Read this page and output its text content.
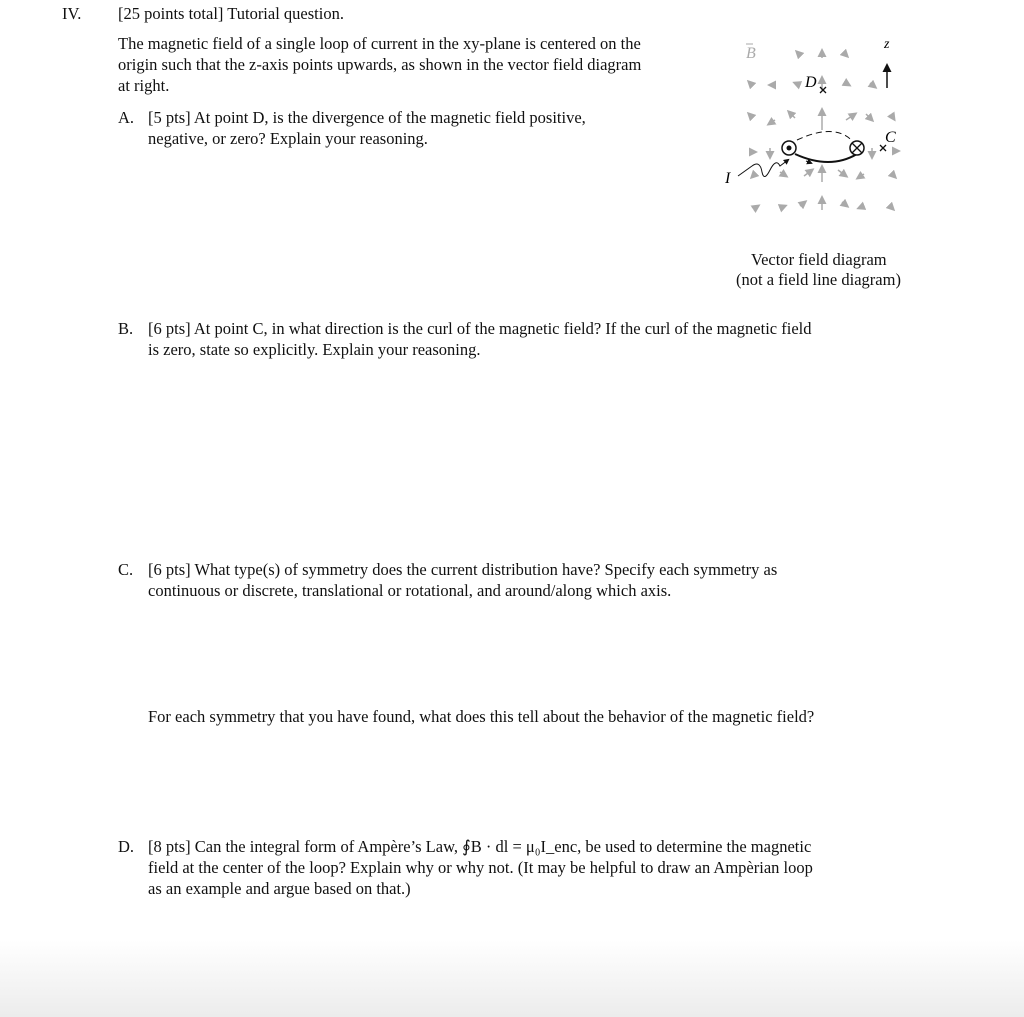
IV. [25 points total] Tutorial question.
The magnetic field of a single loop of current in the xy-plane is centered on the
origin such that the z-axis points upwards, as shown in the vector field diagram
at right.
A. [5 pts] At point D, is the divergence of the magnetic field positive,
negative, or zero? Explain your reasoning.
B
z
D
C
I
Vector field diagram
(not a field line diagram)
B. [6 pts] At point C, in what direction is the curl of the magnetic field? If the curl of the magnetic field
is zero, state so explicitly. Explain your reasoning.
C. [6 pts] What type(s) of symmetry does the current distribution have? Specify each symmetry as
continuous or discrete, translational or rotational, and around/along which axis.
For each symmetry that you have found, what does this tell about the behavior of the magnetic field?
D. [8 pts] Can the integral form of Ampère’s Law, ∮B · dl = μ₀I_enc, be used to determine the magnetic
field at the center of the loop? Explain why or why not. (It may be helpful to draw an Ampèrian loop
as an example and argue based on that.)
